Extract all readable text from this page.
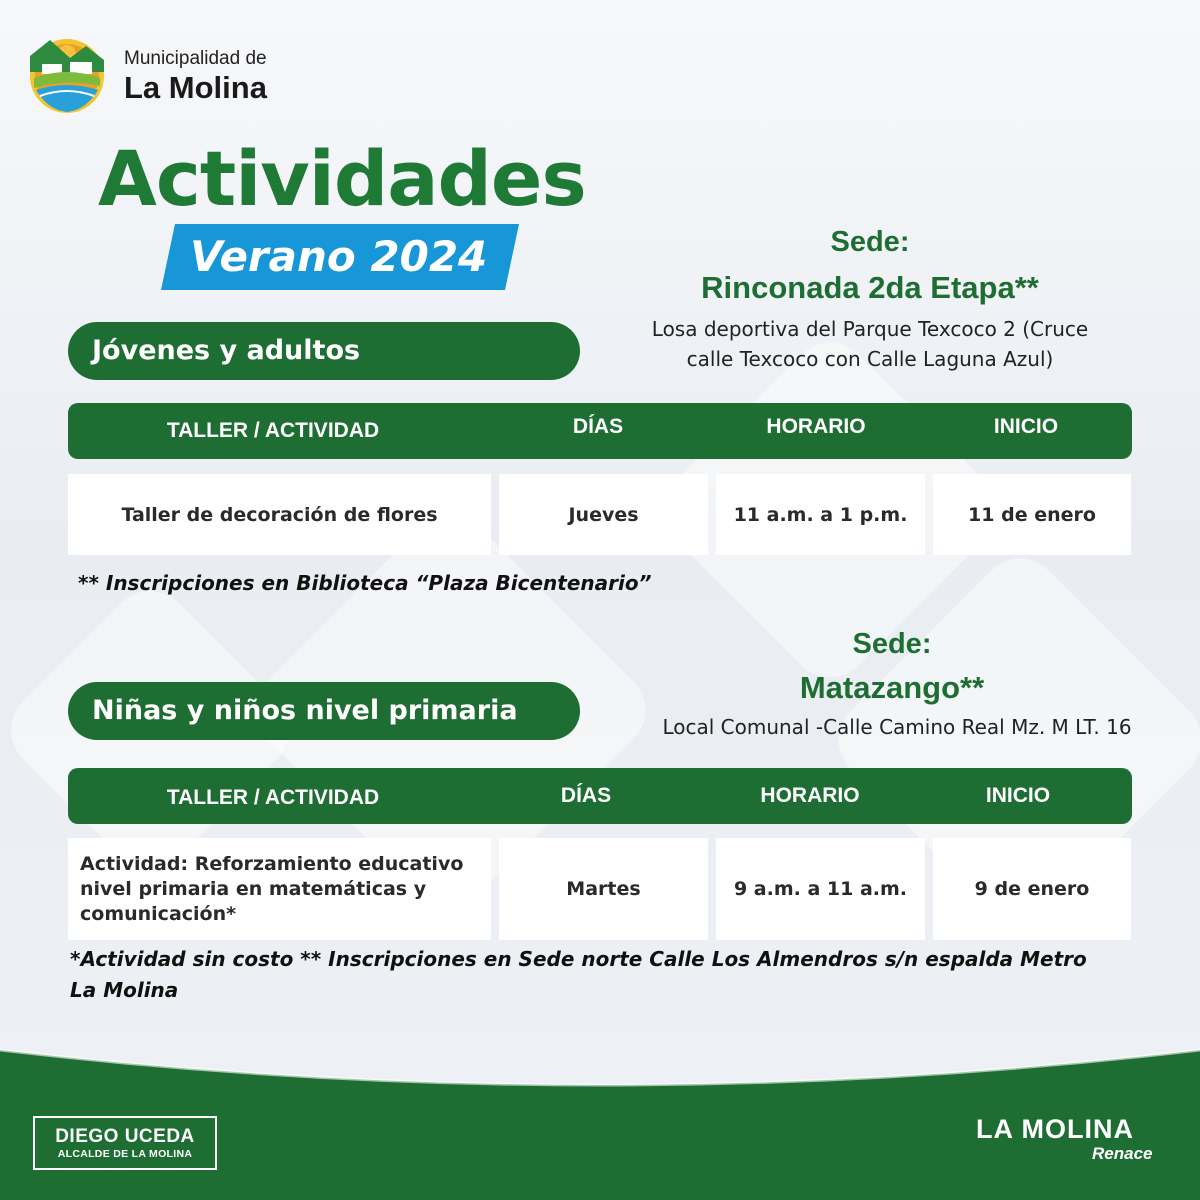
Municipalidad de
La Molina
Actividades
Verano 2024	Sede:
Rinconada 2da Etapa**
Losa deportiva del Parque Texcoco 2 (Cruce
calle Texcoco con Calle Laguna Azul)
Jóvenes y adultos
TALLER / ACTIVIDAD	DÍAS	HORARIO	INICIO
Taller de decoración de flores	Jueves	11 a.m. a 1 p.m.	11 de enero
** Inscripciones en Biblioteca “Plaza Bicentenario”
Sede:
Matazango**
Local Comunal -Calle Camino Real Mz. M LT. 16
Niñas y niños nivel primaria
TALLER / ACTIVIDAD	DÍAS	HORARIO	INICIO
Actividad: Reforzamiento educativo
nivel primaria en matemáticas y
comunicación*
Martes	9 a.m. a 11 a.m.	9 de enero
*Actividad sin costo ** Inscripciones en Sede norte Calle Los Almendros s/n espalda Metro
La Molina
DIEGO UCEDA
ALCALDE DE LA MOLINA
LA MOLINA
Renace
